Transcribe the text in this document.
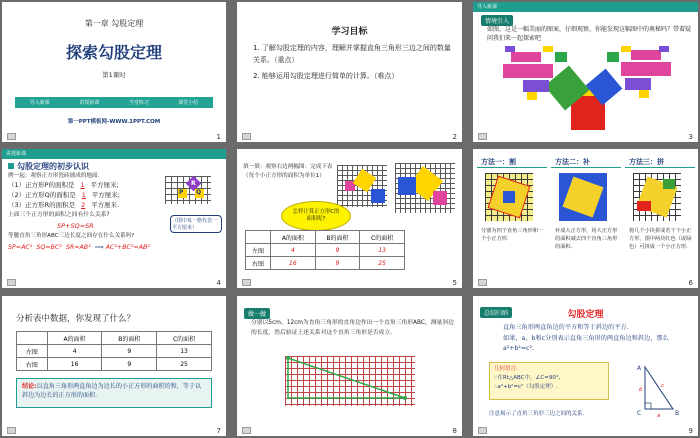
第一章 勾股定理
探索勾股定理
第1课时
导入新课	讲授新课	当堂练习	课堂小结
第一PPT模板网-WWW.1PPT.COM
1
学习目标
1. 了解勾股定理的内容，理解并掌握直角三角形三边之间的数量关系。（重点）
2. 能够运用勾股定理进行简单的计算。（难点）
2
导入新课
情境引入
如图，这是一幅美丽的图案，仔细观察，你能发现这幅图中的奥秘吗？带着疑问我们来一起探索吧
3
讲授新课
勾股定理的初步认识
例一起：观察正方形瓷砖铺成的地面.
（1）正方形P的面积是 1 平方厘米;
（2）正方形Q的面积是 1 平方厘米;
（3）正方形R的面积是 2 平方厘米.
上面三个正方形的面积之间有什么关系?
SP+SQ=SR
等腰直角三角形ABC三边长度之间存在什么关系吗?
SP=AC² SQ=BC² SR=AB² ⟹ AC²+BC²=AB²
P Q
R
（图中每一格代表一平方厘米）
4
填一填：观察右边两幅图：完成下表（每个小正方形的面积为单位1）
怎样计算正方形C的面积呢?
	A的面积	B的面积	C的面积
左图	4	9	13
右图	16	9	25
5
方法一：割
分割为四个直角三角形和一个小正方形.
方法二：补
补成大正方形，用大正方形的面积减去四个直角三角形的面积.
方法三：拼
将几个小块拼成若干个小正方形，图中两块红色（或绿色）可拼成一个小正方形.
6
分析表中数据，你发现了什么？
	A的面积	B的面积	C的面积
左图	4	9	13
右图	16	9	25
结论:以直角三角形两直角边为边长的小正方形的面积的和，等于以斜边为边长的正方形的面积.
7
做一做
分别以5cm、12cm为直角三角形的直角边作出一个直角三角形ABC，测量斜边的长度，然后验证上述关系对这个直角三角形是否成立.
8
总结归纳	勾股定理
直角三角形两直角边的平方和等于斜边的平方.
如果，a，b和c分别表示直角三角形的两直角边和斜边，那么a²+b²=c².
几何语言:
∵在Rt△ABC中，∠C=90°，
∴a²+b²=c²（勾股定理）.
A
B
C	a
b
c
注意揭示了直角三角形三边之间的关系.
9
